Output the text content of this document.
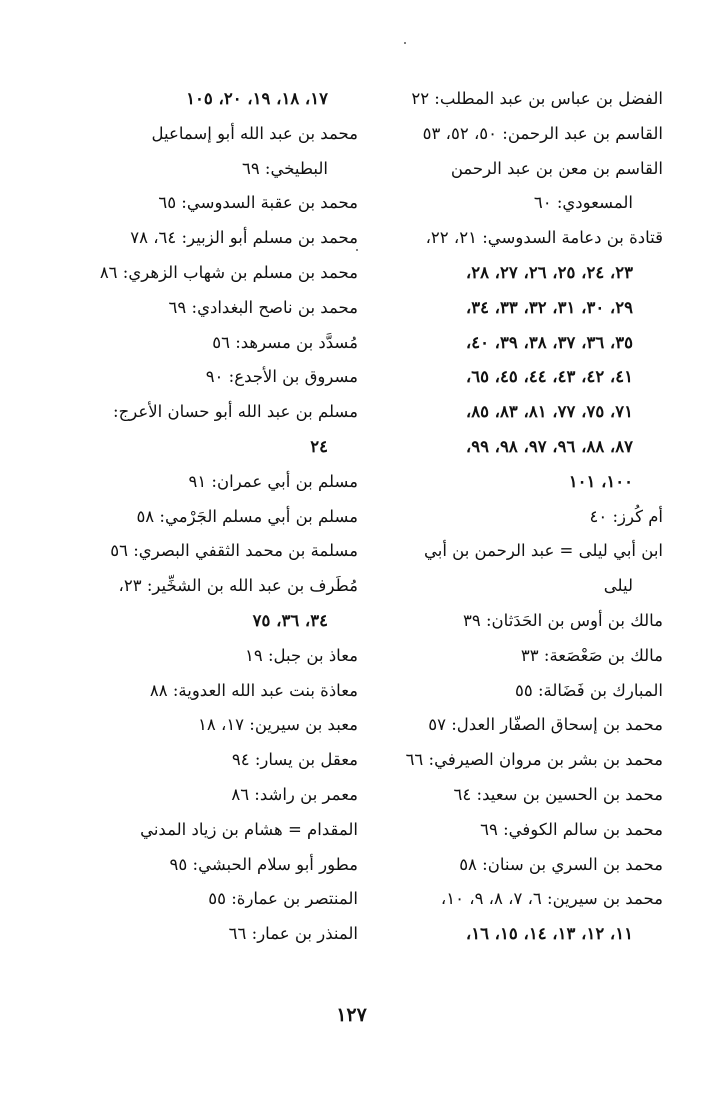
الفضل بن عباس بن عبد المطلب: ٢٢
القاسم بن عبد الرحمن: ٥٠، ٥٢، ٥٣
القاسم بن معن بن عبد الرحمن
المسعودي: ٦٠
قتادة بن دعامة السدوسي: ٢١، ٢٢،
٢٣، ٢٤، ٢٥، ٢٦، ٢٧، ٢٨،
٢٩، ٣٠، ٣١، ٣٢، ٣٣، ٣٤،
٣٥، ٣٦، ٣٧، ٣٨، ٣٩، ٤٠،
٤١، ٤٢، ٤٣، ٤٤، ٤٥، ٦٥،
٧١، ٧٥، ٧٧، ٨١، ٨٣، ٨٥،
٨٧، ٨٨، ٩٦، ٩٧، ٩٨، ٩٩،
١٠٠، ١٠١
أم كُرز: ٤٠
ابن أبي ليلى = عبد الرحمن بن أبي
ليلى
مالك بن أوس بن الحَدَثان: ٣٩
مالك بن صَعْصَعة: ٣٣
المبارك بن فَضَالة: ٥٥
محمد بن إسحاق الصفّار العدل: ٥٧
محمد بن بشر بن مروان الصيرفي: ٦٦
محمد بن الحسين بن سعيد: ٦٤
محمد بن سالم الكوفي: ٦٩
محمد بن السري بن سنان: ٥٨
محمد بن سيرين: ٦، ٧، ٨، ٩، ١٠،
١١، ١٢، ١٣، ١٤، ١٥، ١٦،
١٧، ١٨، ١٩، ٢٠، ١٠٥
محمد بن عبد الله أبو إسماعيل
البطيخي: ٦٩
محمد بن عقبة السدوسي: ٦٥
محمد بن مسلم أبو الزبير: ٦٤، ٧٨
محمد بن مسلم بن شهاب الزهري: ٨٦
محمد بن ناصح البغدادي: ٦٩
مُسدَّد بن مسرهد: ٥٦
مسروق بن الأجدع: ٩٠
مسلم بن عبد الله أبو حسان الأعرج:
٢٤
مسلم بن أبي عمران: ٩١
مسلم بن أبي مسلم الجَرْمي: ٥٨
مسلمة بن محمد الثقفي البصري: ٥٦
مُطَرف بن عبد الله بن الشخِّير: ٢٣،
٣٤، ٣٦، ٧٥
معاذ بن جبل: ١٩
معاذة بنت عبد الله العدوية: ٨٨
معبد بن سيرين: ١٧، ١٨
معقل بن يسار: ٩٤
معمر بن راشد: ٨٦
المقدام = هشام بن زياد المدني
مطور أبو سلام الحبشي: ٩٥
المنتصر بن عمارة: ٥٥
المنذر بن عمار: ٦٦
١٢٧
